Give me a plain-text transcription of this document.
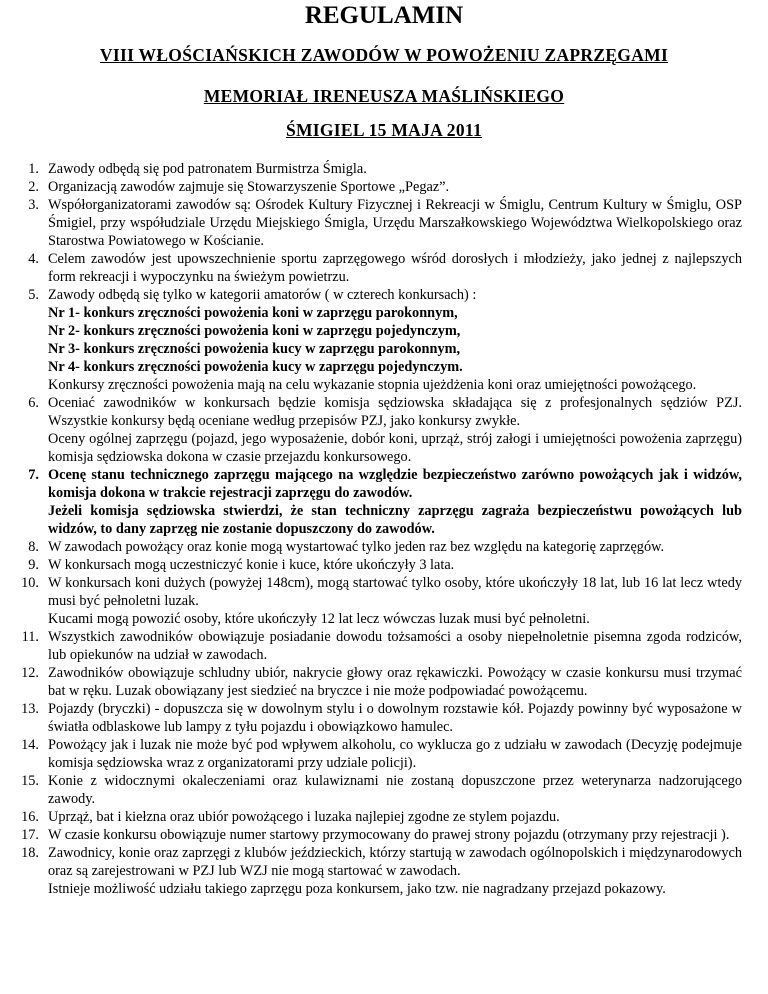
REGULAMIN
VIII WŁOŚCIAŃSKICH ZAWODÓW W POWOŻENIU ZAPRZĘGAMI
MEMORIAŁ IRENEUSZA MAŚLIŃSKIEGO
ŚMIGIEL 15 MAJA 2011
1. Zawody odbędą się pod patronatem Burmistrza Śmigla.
2. Organizacją zawodów zajmuje się Stowarzyszenie Sportowe „Pegaz”.
3. Współorganizatorami zawodów są: Ośrodek Kultury Fizycznej i Rekreacji w Śmiglu, Centrum Kultury w Śmiglu, OSP Śmigiel, przy współudziale Urzędu Miejskiego Śmigla, Urzędu Marszałkowskiego Województwa Wielkopolskiego oraz Starostwa Powiatowego w Kościanie.
4. Celem zawodów jest upowszechnienie sportu zaprzęgowego wśród dorosłych i młodzieży, jako jednej z najlepszych form rekreacji i wypoczynku na świeżym powietrzu.
5. Zawody odbędą się tylko w kategorii amatorów ( w czterech konkursach) :
Nr 1- konkurs zręczności powożenia koni w zaprzęgu parokonnym,
Nr 2- konkurs zręczności powożenia koni w zaprzęgu pojedynczym,
Nr 3- konkurs zręczności powożenia kucy w zaprzęgu parokonnym,
Nr 4- konkurs zręczności powożenia kucy w zaprzęgu pojedynczym.
Konkursy zręczności powożenia mają na celu wykazanie stopnia ujeżdżenia koni oraz umiejętności powożącego.
6. Oceniać zawodników w konkursach będzie komisja sędziowska składająca się z profesjonalnych sędziów PZJ. Wszystkie konkursy będą oceniane według przepisów PZJ, jako konkursy zwykłe.
Oceny ogólnej zaprzęgu (pojazd, jego wyposażenie, dobór koni, uprząż, strój załogi i umiejętności powożenia zaprzęgu) komisja sędziowska dokona w czasie przejazdu konkursowego.
7. Ocenę stanu technicznego zaprzęgu mającego na względzie bezpieczeństwo zarówno powożących jak i widzów, komisja dokona w trakcie rejestracji zaprzęgu do zawodów.
Jeżeli komisja sędziowska stwierdzi, że stan techniczny zaprzęgu zagraża bezpieczeństwu powożących lub widzów, to dany zaprzęg nie zostanie dopuszczony do zawodów.
8. W zawodach powożący oraz konie mogą wystartować tylko jeden raz bez względu na kategorię zaprzęgów.
9. W konkursach mogą uczestniczyć konie i kuce, które ukończyły 3 lata.
10. W konkursach koni dużych (powyżej 148cm), mogą startować tylko osoby, które ukończyły 18 lat, lub 16 lat lecz wtedy musi być pełnoletni luzak.
Kucami mogą powozić osoby, które ukończyły 12 lat lecz wówczas luzak musi być pełnoletni.
11. Wszystkich zawodników obowiązuje posiadanie dowodu tożsamości a osoby niepełnoletnie pisemna zgoda rodziców, lub opiekunów na udział w zawodach.
12. Zawodników obowiązuje schludny ubiór, nakrycie głowy oraz rękawiczki. Powożący w czasie konkursu musi trzymać bat w ręku. Luzak obowiązany jest siedzieć na bryczce i nie może podpowiadać powożącemu.
13. Pojazdy (bryczki) - dopuszcza się w dowolnym stylu i o dowolnym rozstawie kół. Pojazdy powinny być wyposażone w światła odblaskowe lub lampy z tyłu pojazdu i obowiązkowo hamulec.
14. Powożący jak i luzak nie może być pod wpływem alkoholu, co wyklucza go z udziału w zawodach (Decyzję podejmuje komisja sędziowska wraz z organizatorami przy udziale policji).
15. Konie z widocznymi okaleczeniami oraz kulawiznami nie zostaną dopuszczone przez weterynarza nadzorującego zawody.
16. Uprząż, bat i kiełzna oraz ubiór powożącego i luzaka najlepiej zgodne ze stylem pojazdu.
17. W czasie konkursu obowiązuje numer startowy przymocowany do prawej strony pojazdu (otrzymany przy rejestracji ).
18. Zawodnicy, konie oraz zaprzęgi z klubów jeździeckich, którzy startują w zawodach ogólnopolskich i międzynarodowych oraz są zarejestrowani w PZJ lub WZJ nie mogą startować w zawodach.
Istnieje możliwość udziału takiego zaprzęgu poza konkursem, jako tzw. nie nagradzany przejazd pokazowy.
